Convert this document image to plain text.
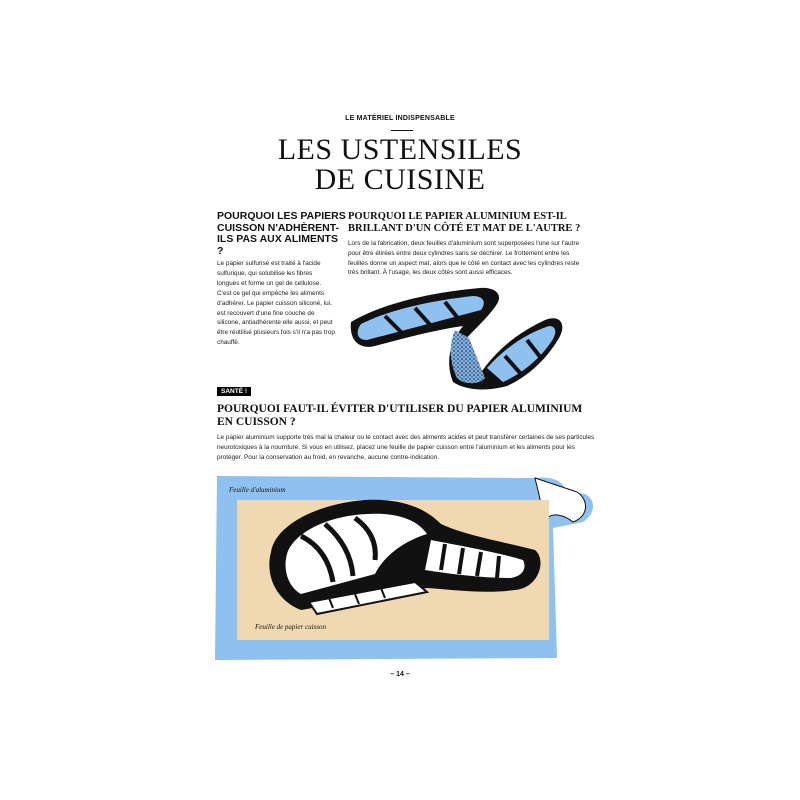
LE MATÉRIEL INDISPENSABLE
LES USTENSILES
DE CUISINE
POURQUOI LES PAPIERS CUISSON N'ADHÈRENT-ILS PAS AUX ALIMENTS ?
Le papier sulfurisé est traité à l'acide sulfurique, qui solubilise les fibres longues et forme un gel de cellulose. C'est ce gel qui empêche les aliments d'adhérer. Le papier cuisson siliconé, lui, est recouvert d'une fine couche de silicone, antiadhérente elle aussi, et peut être réutilisé plusieurs fois s'il n'a pas trop chauffé.
POURQUOI LE PAPIER ALUMINIUM EST-IL BRILLANT D'UN CÔTÉ ET MAT DE L'AUTRE ?
Lors de la fabrication, deux feuilles d'aluminium sont superposées l'une sur l'autre pour être étirées entre deux cylindres sans se déchirer. Le frottement entre les feuilles donne un aspect mat, alors que le côté en contact avec les cylindres reste très brillant. À l'usage, les deux côtés sont aussi efficaces.
SANTÉ !
POURQUOI FAUT-IL ÉVITER D'UTILISER DU PAPIER ALUMINIUM EN CUISSON ?
Le papier aluminium supporte très mal la chaleur ou le contact avec des aliments acides et peut transférer certaines de ses particules neurotoxiques à la nourriture. Si vous en utilisez, placez une feuille de papier cuisson entre l'aluminium et les aliments pour les protéger. Pour la conservation au froid, en revanche, aucune contre-indication.
Feuille d'aluminium
Feuille de papier cuisson
– 14 –
